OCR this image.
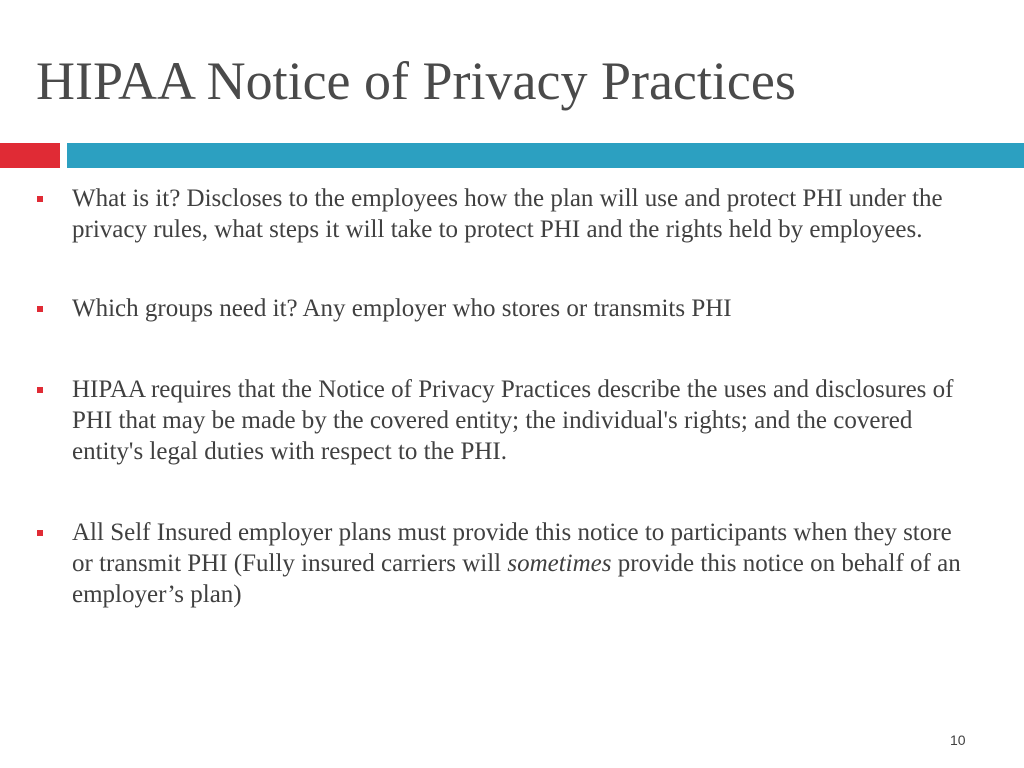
HIPAA Notice of Privacy Practices
What is it? Discloses to the employees how the plan will use and protect PHI under the privacy rules, what steps it will take to protect PHI and the rights held by employees.
Which groups need it? Any employer who stores or transmits PHI
HIPAA requires that the Notice of Privacy Practices describe the uses and disclosures of PHI that may be made by the covered entity; the individual's rights; and the covered entity's legal duties with respect to the PHI.
All Self Insured employer plans must provide this notice to participants when they store or transmit PHI (Fully insured carriers will sometimes provide this notice on behalf of an employer’s plan)
10
